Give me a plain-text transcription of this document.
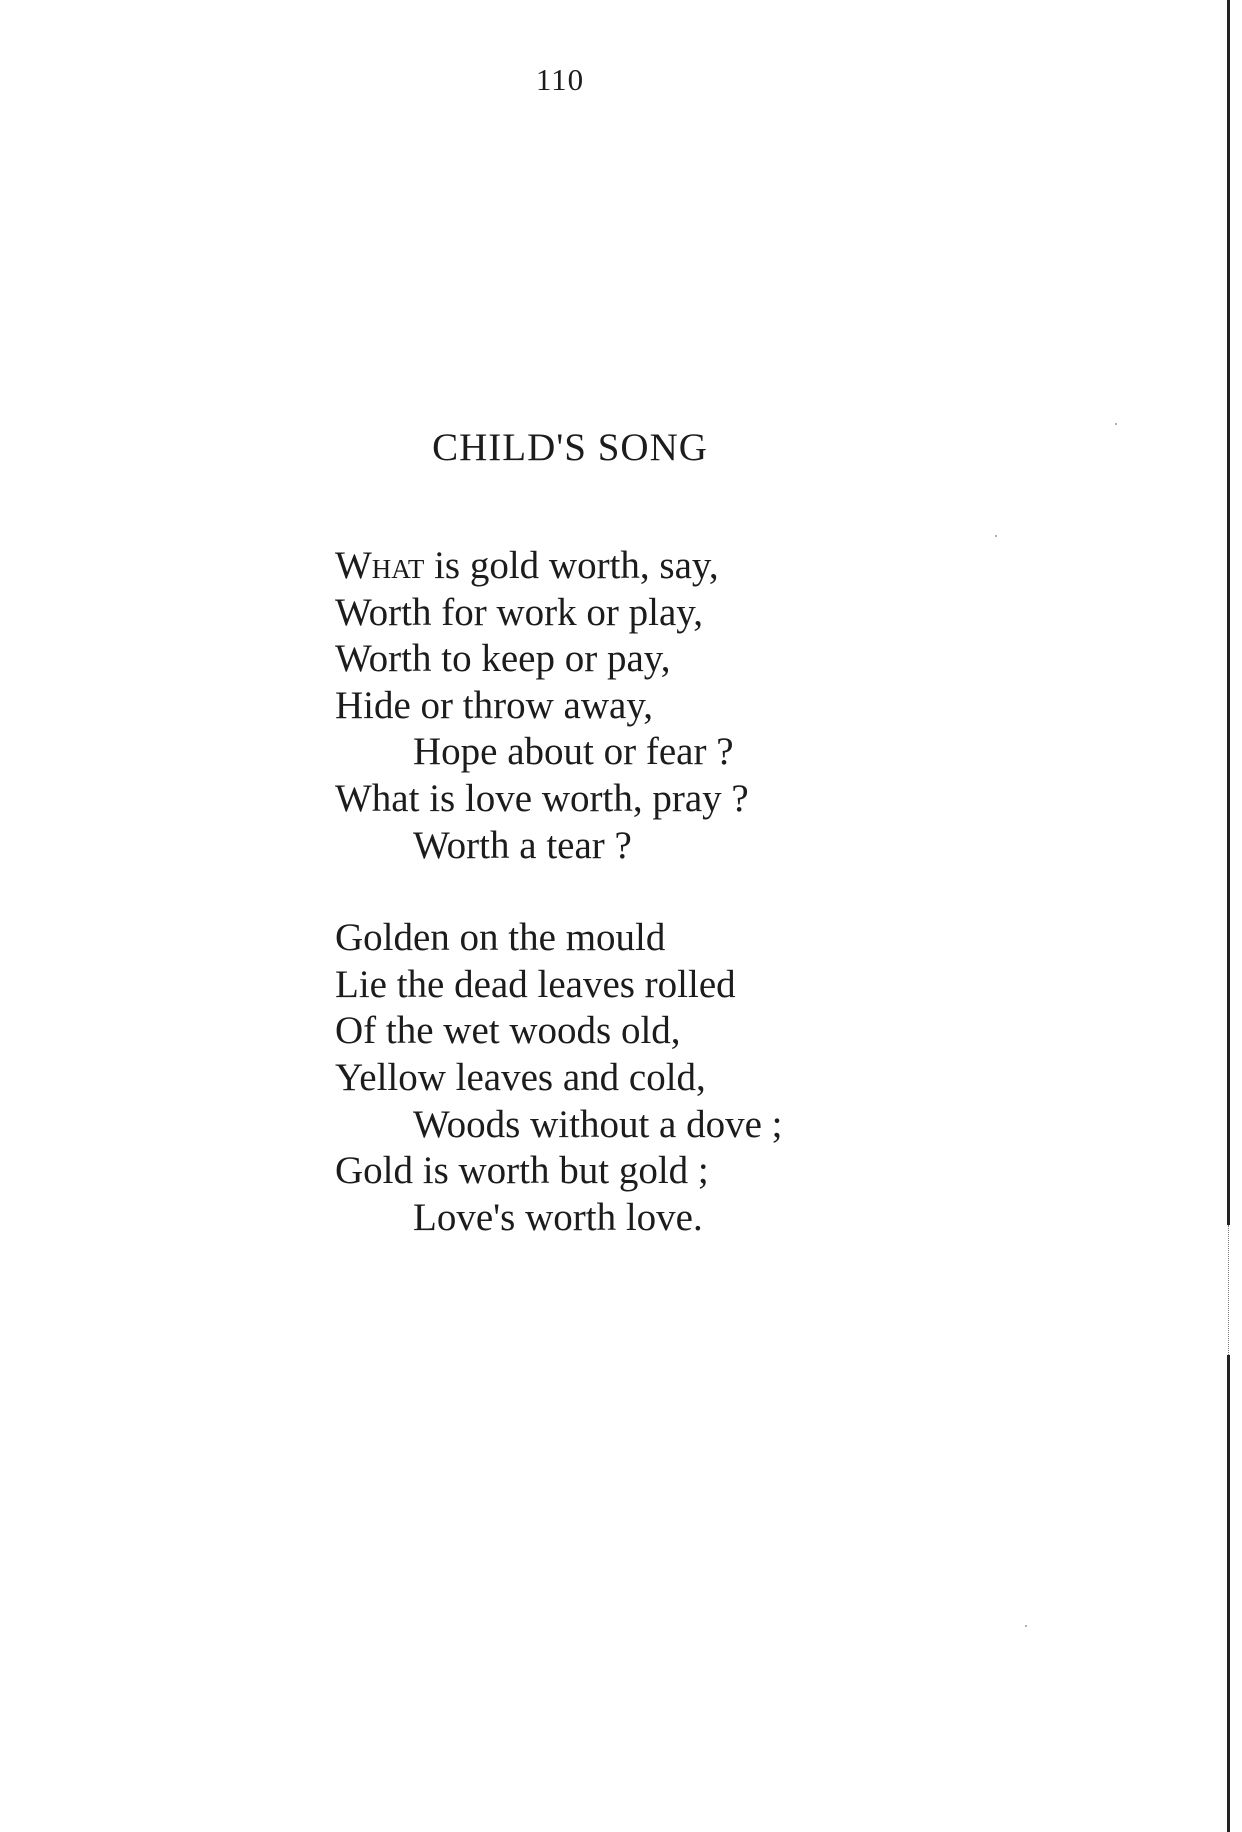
110
CHILD'S SONG
What is gold worth, say,
Worth for work or play,
Worth to keep or pay,
Hide or throw away,
Hope about or fear ?
What is love worth, pray ?
Worth a tear ?
Golden on the mould
Lie the dead leaves rolled
Of the wet woods old,
Yellow leaves and cold,
Woods without a dove ;
Gold is worth but gold ;
Love's worth love.
